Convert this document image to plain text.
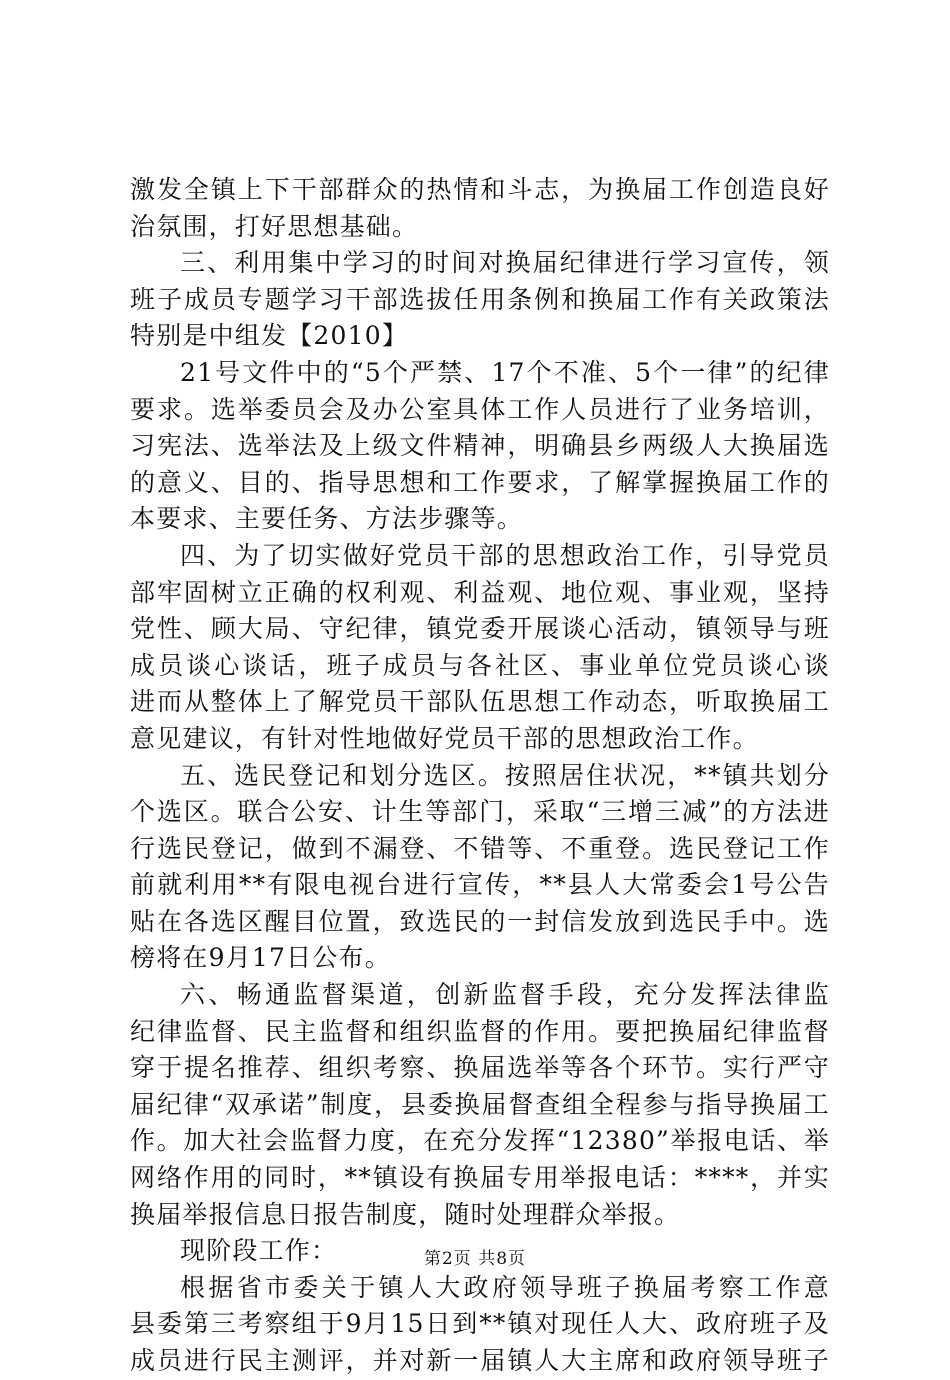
激发全镇上下干部群众的热情和斗志，为换届工作创造良好
治氛围，打好思想基础。
三、利用集中学习的时间对换届纪律进行学习宣传，领
班子成员专题学习干部选拔任用条例和换届工作有关政策法
特别是中组发【2010】
21号文件中的“5个严禁、17个不准、5个一律”的纪律
要求。选举委员会及办公室具体工作人员进行了业务培训，
习宪法、选举法及上级文件精神，明确县乡两级人大换届选
的意义、目的、指导思想和工作要求，了解掌握换届工作的
本要求、主要任务、方法步骤等。
四、为了切实做好党员干部的思想政治工作，引导党员
部牢固树立正确的权利观、利益观、地位观、事业观，坚持
党性、顾大局、守纪律，镇党委开展谈心活动，镇领导与班
成员谈心谈话，班子成员与各社区、事业单位党员谈心谈
进而从整体上了解党员干部队伍思想工作动态，听取换届工
意见建议，有针对性地做好党员干部的思想政治工作。
五、选民登记和划分选区。按照居住状况，**镇共划分
个选区。联合公安、计生等部门，采取“三增三减”的方法进
行选民登记，做到不漏登、不错等、不重登。选民登记工作
前就利用**有限电视台进行宣传，**县人大常委会1号公告
贴在各选区醒目位置，致选民的一封信发放到选民手中。选
榜将在9月17日公布。
六、畅通监督渠道，创新监督手段，充分发挥法律监
纪律监督、民主监督和组织监督的作用。要把换届纪律监督
穿于提名推荐、组织考察、换届选举等各个环节。实行严守
届纪律“双承诺”制度，县委换届督查组全程参与指导换届工
作。加大社会监督力度，在充分发挥“12380”举报电话、举
网络作用的同时，**镇设有换届专用举报电话：****，并实
换届举报信息日报告制度，随时处理群众举报。
现阶段工作：
根据省市委关于镇人大政府领导班子换届考察工作意
县委第三考察组于9月15日到**镇对现任人大、政府班子及
成员进行民主测评，并对新一届镇人大主席和政府领导班子
第2页 共8页
